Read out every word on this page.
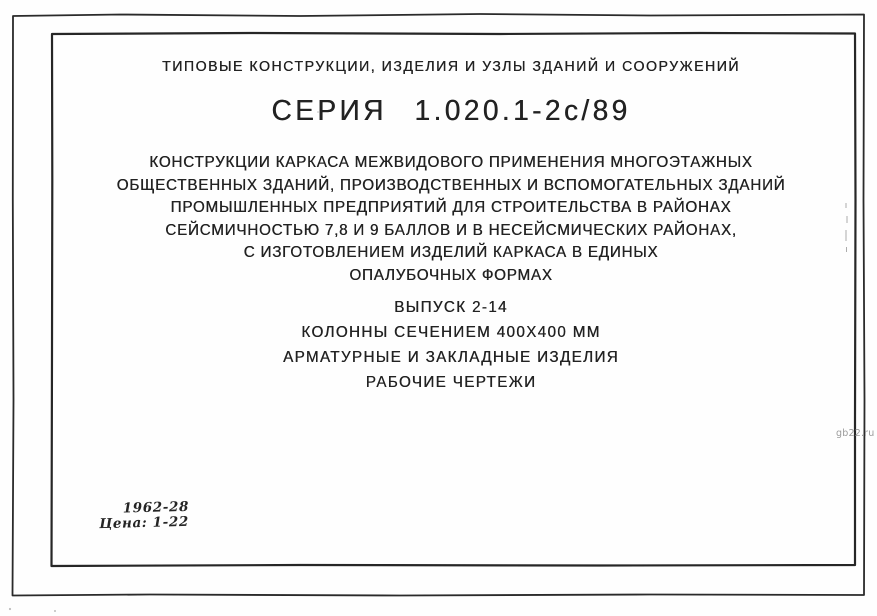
ТИПОВЫЕ КОНСТРУКЦИИ, ИЗДЕЛИЯ И УЗЛЫ ЗДАНИЙ И СООРУЖЕНИЙ
СЕРИЯ 1.020.1-2с/89
КОНСТРУКЦИИ КАРКАСА МЕЖВИДОВОГО ПРИМЕНЕНИЯ МНОГОЭТАЖНЫХ
ОБЩЕСТВЕННЫХ ЗДАНИЙ, ПРОИЗВОДСТВЕННЫХ И ВСПОМОГАТЕЛЬНЫХ ЗДАНИЙ
ПРОМЫШЛЕННЫХ ПРЕДПРИЯТИЙ ДЛЯ СТРОИТЕЛЬСТВА В РАЙОНАХ
СЕЙСМИЧНОСТЬЮ 7,8 И 9 БАЛЛОВ И В НЕСЕЙСМИЧЕСКИХ РАЙОНАХ,
С ИЗГОТОВЛЕНИЕМ ИЗДЕЛИЙ КАРКАСА В ЕДИНЫХ
ОПАЛУБОЧНЫХ ФОРМАХ
ВЫПУСК 2-14
КОЛОННЫ СЕЧЕНИЕМ 400Х400 ММ
АРМАТУРНЫЕ И ЗАКЛАДНЫЕ ИЗДЕЛИЯ
РАБОЧИЕ ЧЕРТЕЖИ
1962-28
Цена: 1-22
gb22.ru
